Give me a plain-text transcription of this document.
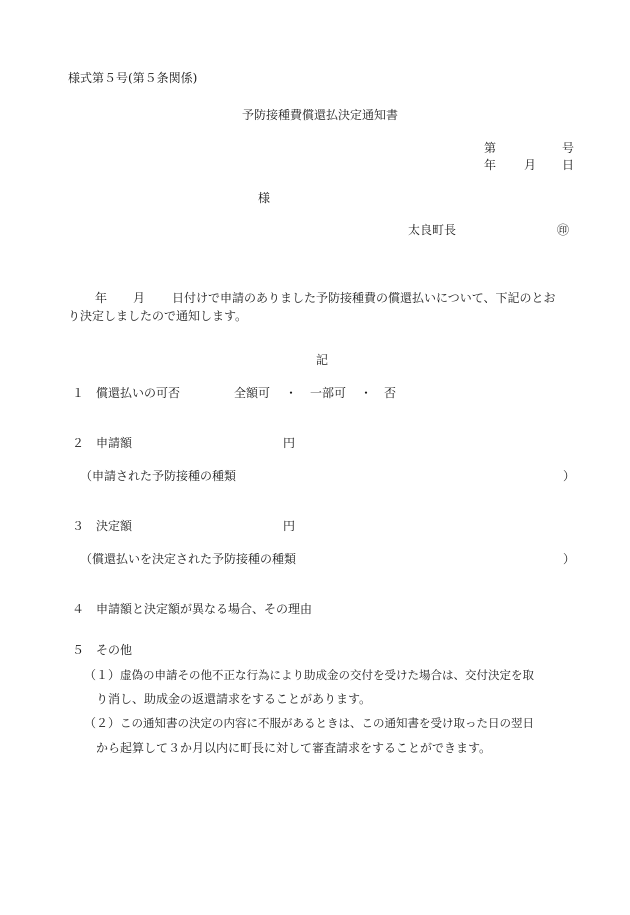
様式第５号(第５条関係)
予防接種費償還払決定通知書
第	号
年 月 日
様
太良町長	㊞
年 月 日付けで申請のありました予防接種費の償還払いについて、下記のとお
り決定しましたので通知します。
記
１ 償還払いの可否	全額可 ・ 一部可 ・ 否
２ 申請額	円
（申請された予防接種の種類	）
３ 決定額	円
（償還払いを決定された予防接種の種類	）
４ 申請額と決定額が異なる場合、その理由
５ その他
（１） 虚偽の申請その他不正な行為により助成金の交付を受けた場合は、交付決定を取
り消し、助成金の返還請求をすることがあります。
（２） この通知書の決定の内容に不服があるときは、この通知書を受け取った日の翌日
から起算して３か月以内に町長に対して審査請求をすることができます。
